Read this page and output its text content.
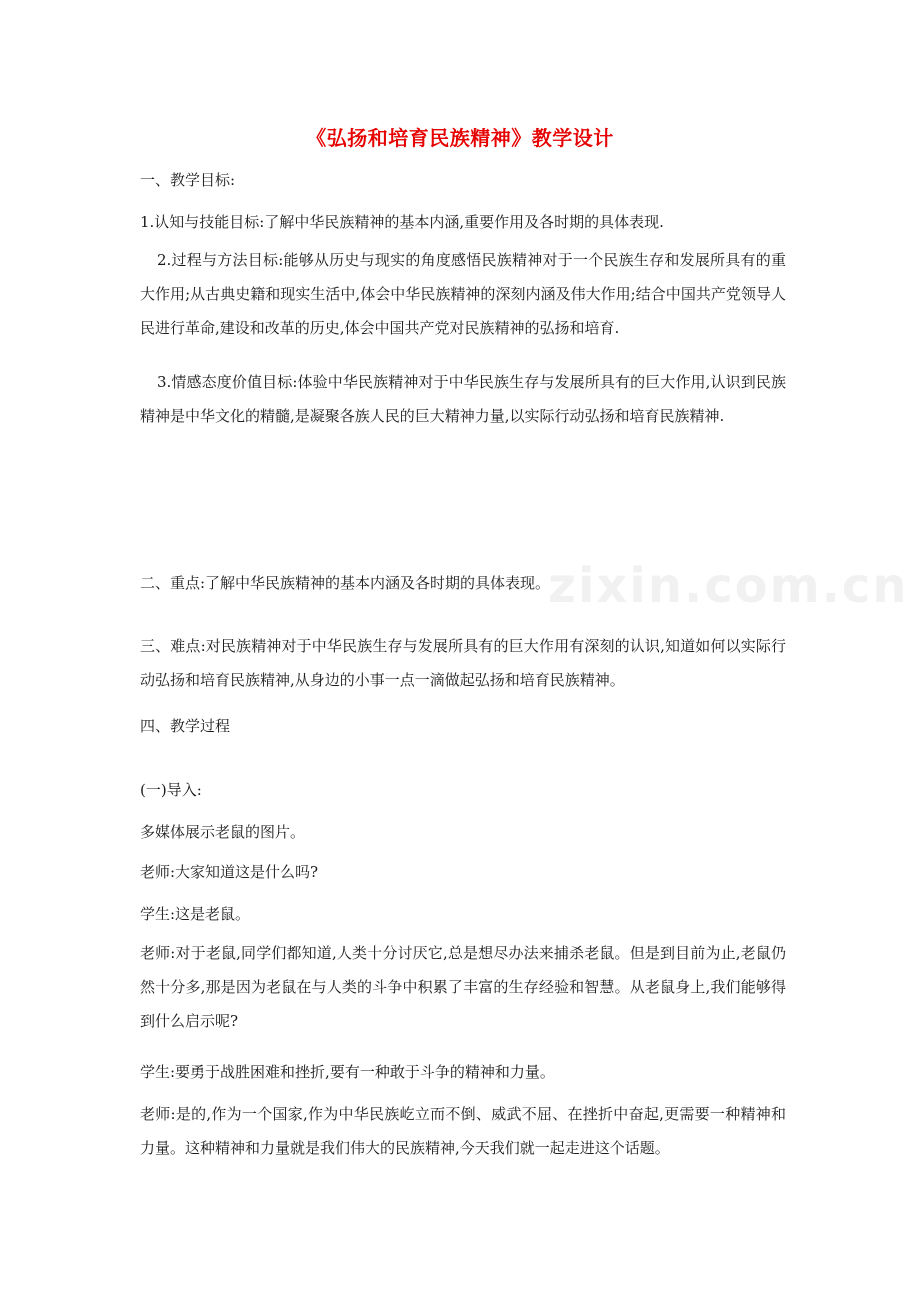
《弘扬和培育民族精神》教学设计

一、教学目标:

1.认知与技能目标:了解中华民族精神的基本内涵,重要作用及各时期的具体表现.

2.过程与方法目标:能够从历史与现实的角度感悟民族精神对于一个民族生存和发展所具有的重大作用;从古典史籍和现实生活中,体会中华民族精神的深刻内涵及伟大作用;结合中国共产党领导人民进行革命,建设和改革的历史,体会中国共产党对民族精神的弘扬和培育.

3.情感态度价值目标:体验中华民族精神对于中华民族生存与发展所具有的巨大作用,认识到民族精神是中华文化的精髓,是凝聚各族人民的巨大精神力量,以实际行动弘扬和培育民族精神.

二、重点:了解中华民族精神的基本内涵及各时期的具体表现。

三、难点:对民族精神对于中华民族生存与发展所具有的巨大作用有深刻的认识,知道如何以实际行动弘扬和培育民族精神,从身边的小事一点一滴做起弘扬和培育民族精神。

四、教学过程

(一)导入:

多媒体展示老鼠的图片。

老师:大家知道这是什么吗?

学生:这是老鼠。

老师:对于老鼠,同学们都知道,人类十分讨厌它,总是想尽办法来捕杀老鼠。但是到目前为止,老鼠仍然十分多,那是因为老鼠在与人类的斗争中积累了丰富的生存经验和智慧。从老鼠身上,我们能够得到什么启示呢?

学生:要勇于战胜困难和挫折,要有一种敢于斗争的精神和力量。

老师:是的,作为一个国家,作为中华民族屹立而不倒、威武不屈、在挫折中奋起,更需要一种精神和力量。这种精神和力量就是我们伟大的民族精神,今天我们就一起走进这个话题。

zixin.com.cn
